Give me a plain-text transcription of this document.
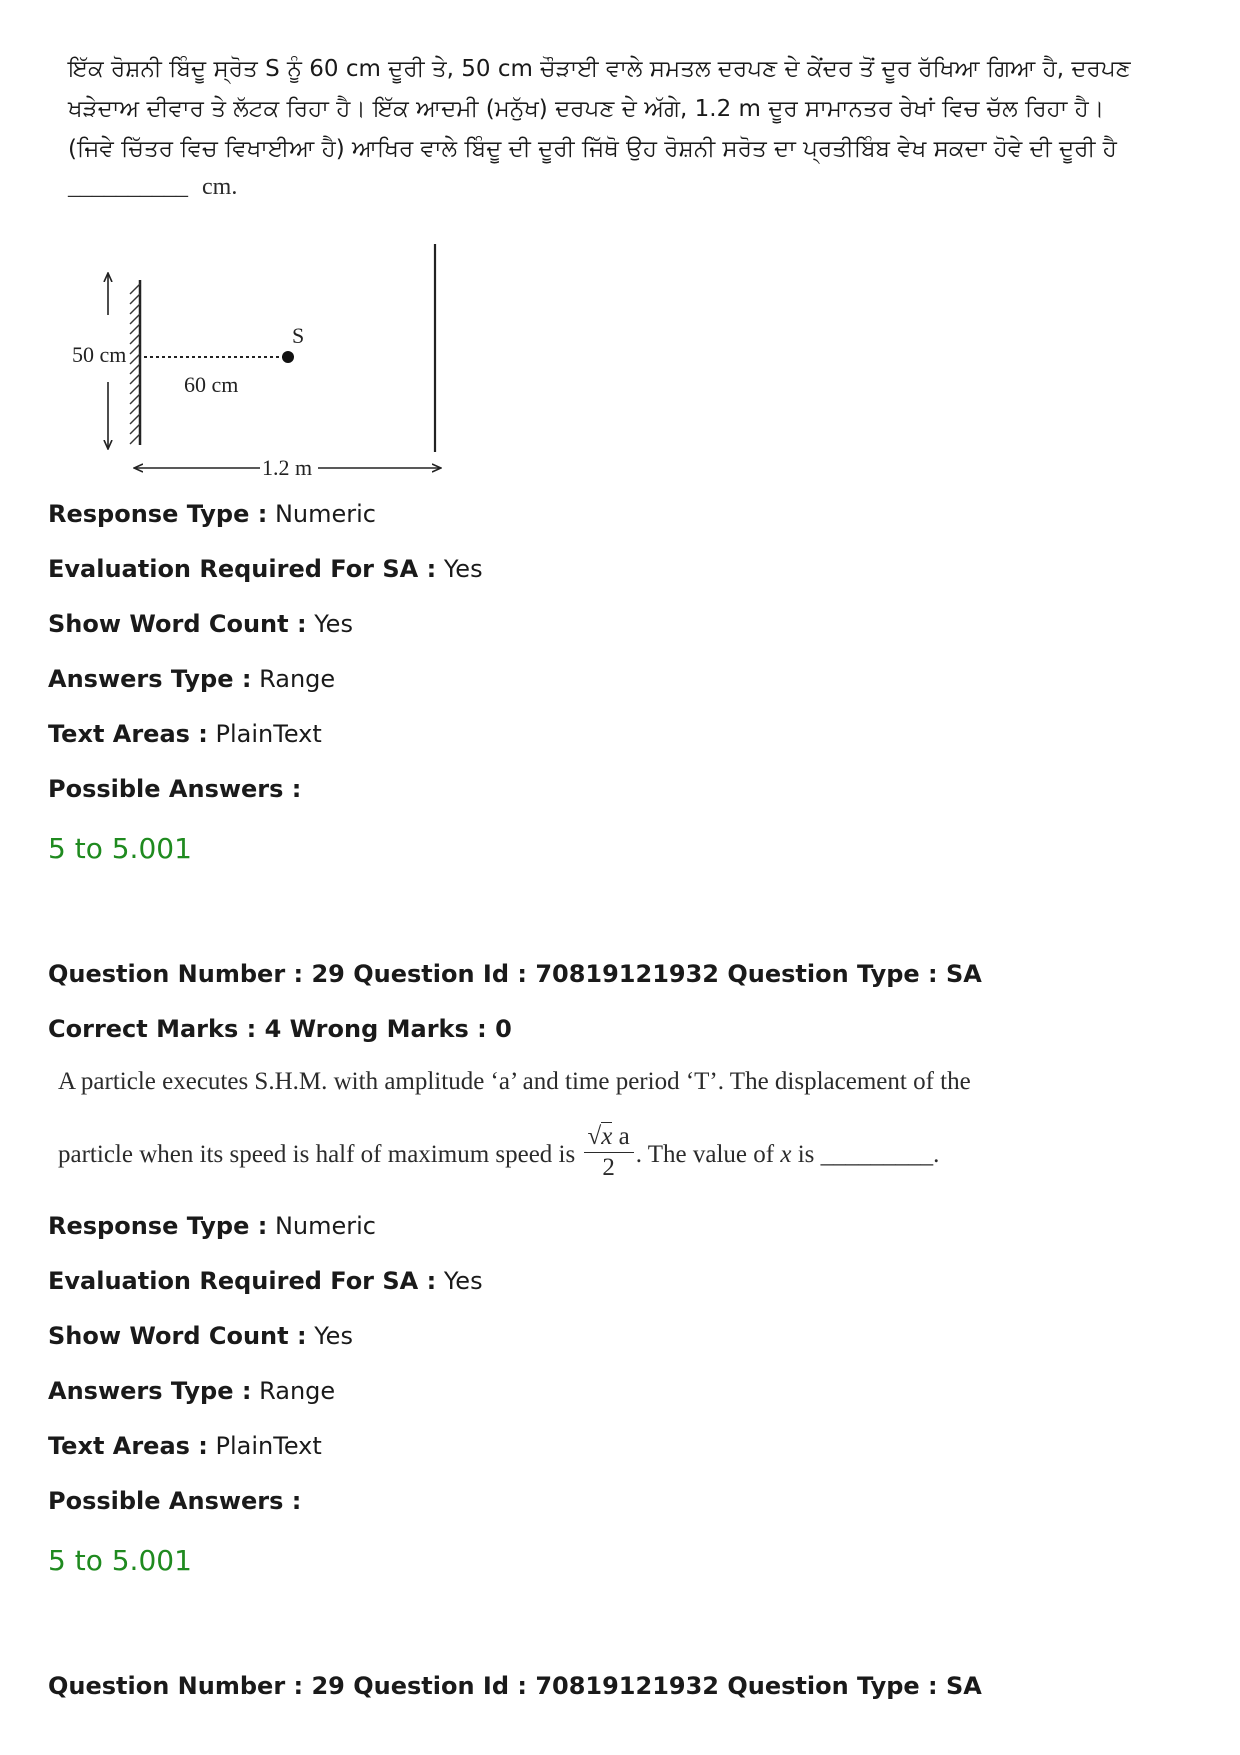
ਇੱਕ ਰੋਸ਼ਨੀ ਬਿੰਦੂ ਸ੍ਰੋਤ S ਨੂੰ 60 cm ਦੂਰੀ ਤੇ, 50 cm ਚੌੜਾਈ ਵਾਲੇ ਸਮਤਲ ਦਰਪਣ ਦੇ ਕੇਂਦਰ ਤੋਂ ਦੂਰ ਰੱਖਿਆ ਗਿਆ ਹੈ, ਦਰਪਣ
ਖੜੇਦਾਅ ਦੀਵਾਰ ਤੇ ਲੱਟਕ ਰਿਹਾ ਹੈ। ਇੱਕ ਆਦਮੀ (ਮਨੁੱਖ) ਦਰਪਣ ਦੇ ਅੱਗੇ, 1.2 m ਦੂਰ ਸਾਮਾਨਤਰ ਰੇਖਾਂ ਵਿਚ ਚੱਲ ਰਿਹਾ ਹੈ।
(ਜਿਵੇ ਚਿੱਤਰ ਵਿਚ ਵਿਖਾਈਆ ਹੈ) ਆਖਿਰ ਵਾਲੇ ਬਿੰਦੂ ਦੀ ਦੂਰੀ ਜਿੱਥੋ ਉਹ ਰੋਸ਼ਨੀ ਸਰੋਤ ਦਾ ਪ੍ਰਤੀਬਿੰਬ ਵੇਖ ਸਕਦਾ ਹੋਵੇ ਦੀ ਦੂਰੀ ਹੈ
__________ cm.
50 cm
S
60 cm
1.2 m
Response Type : Numeric
Evaluation Required For SA : Yes
Show Word Count : Yes
Answers Type : Range
Text Areas : PlainText
Possible Answers :
5 to 5.001
Question Number : 29 Question Id : 70819121932 Question Type : SA
Correct Marks : 4 Wrong Marks : 0
A particle executes S.H.M. with amplitude ‘a’ and time period ‘T’. The displacement of the
particle when its speed is half of maximum speed is $\frac{\text{√x a}}{2}$ . The value of x is _________.
Response Type : Numeric
Evaluation Required For SA : Yes
Show Word Count : Yes
Answers Type : Range
Text Areas : PlainText
Possible Answers :
5 to 5.001
Question Number : 29 Question Id : 70819121932 Question Type : SA
